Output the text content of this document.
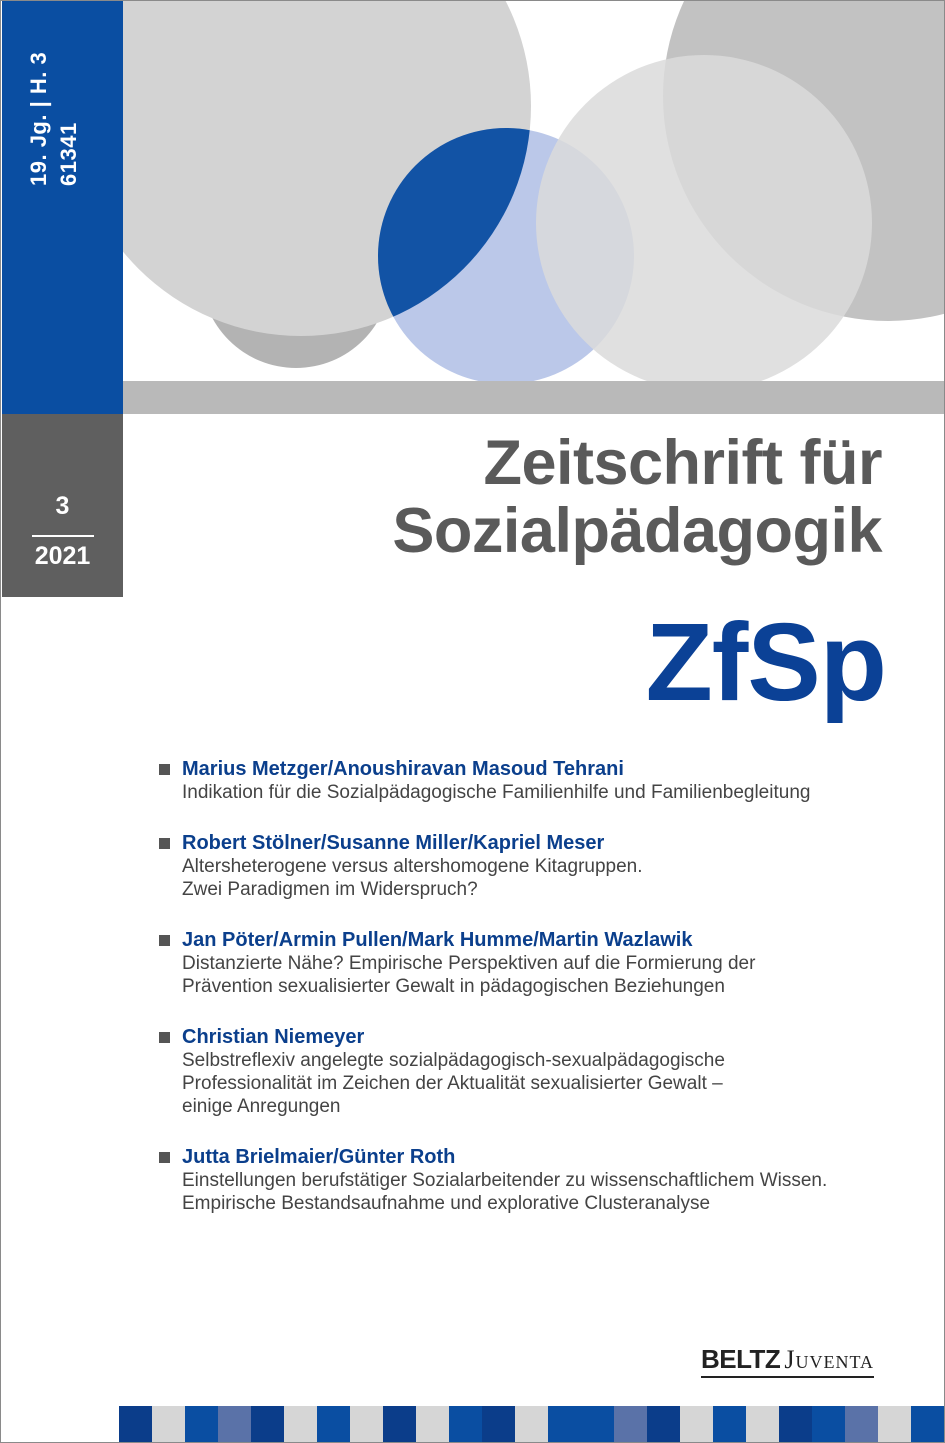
19. Jg. | H. 3 61341
3
2021
Zeitschrift für
Sozialpädagogik
ZfSp
Marius Metzger/Anoushiravan Masoud Tehrani
Indikation für die Sozialpädagogische Familienhilfe und Familienbegleitung
Robert Stölner/Susanne Miller/Kapriel Meser
Altersheterogene versus altershomogene Kitagruppen.
Zwei Paradigmen im Widerspruch?
Jan Pöter/Armin Pullen/Mark Humme/Martin Wazlawik
Distanzierte Nähe? Empirische Perspektiven auf die Formierung der
Prävention sexualisierter Gewalt in pädagogischen Beziehungen
Christian Niemeyer
Selbstreflexiv angelegte sozialpädagogisch-sexualpädagogische
Professionalität im Zeichen der Aktualität sexualisierter Gewalt –
einige Anregungen
Jutta Brielmaier/Günter Roth
Einstellungen berufstätiger Sozialarbeitender zu wissenschaftlichem Wissen.
Empirische Bestandsaufnahme und explorative Clusteranalyse
BELTZ Juventa
